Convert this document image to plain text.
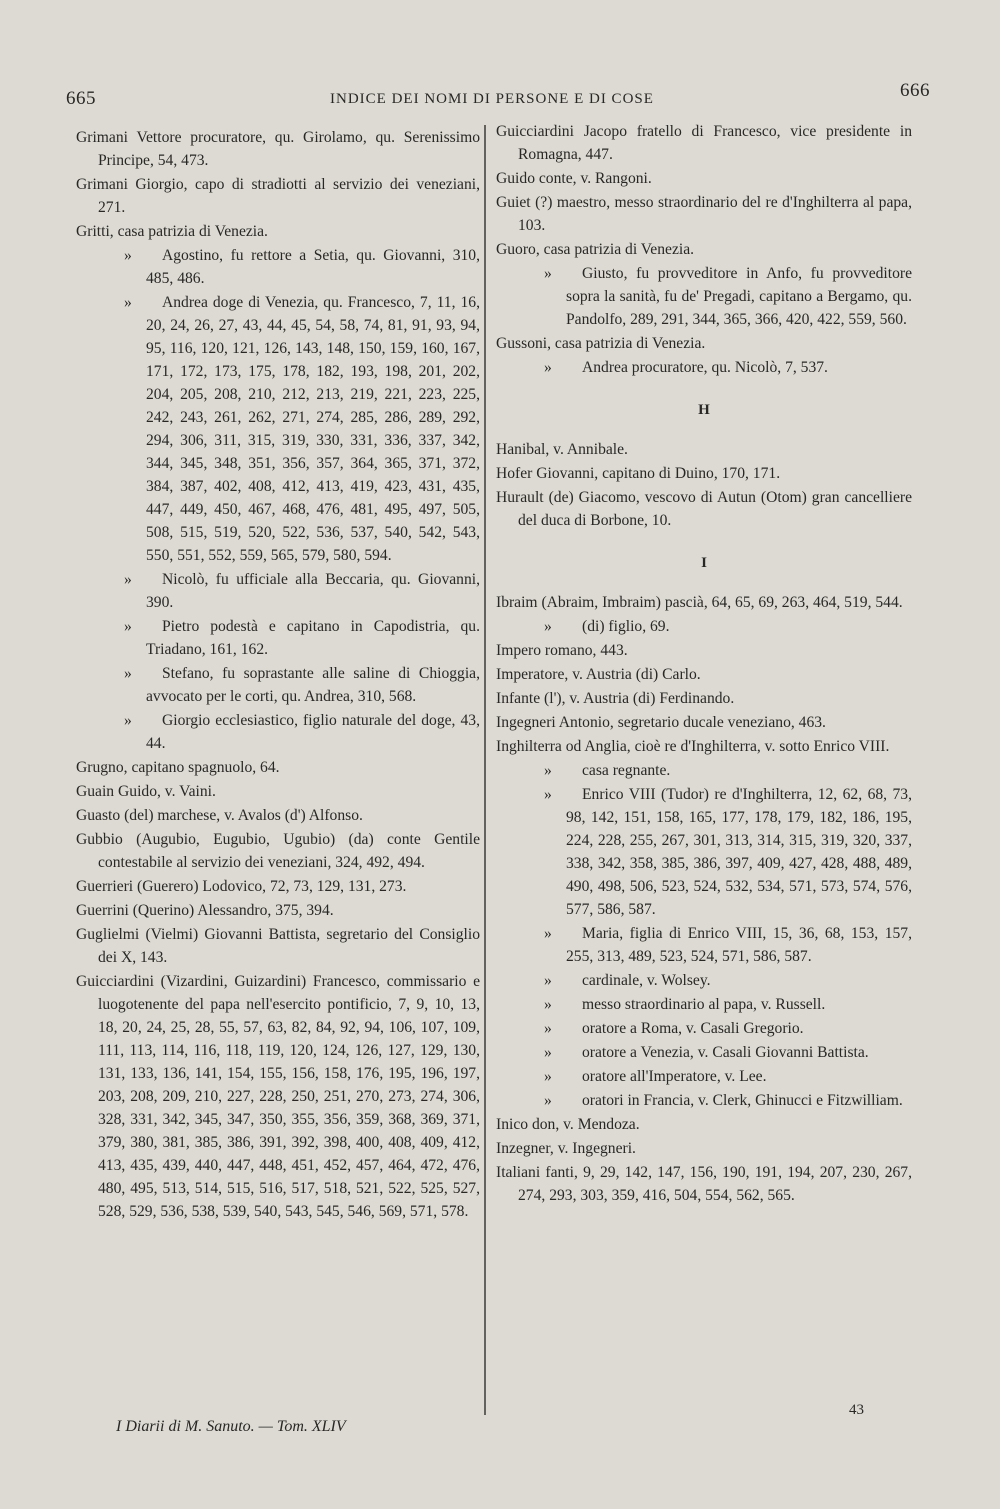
665	INDICE DEI NOMI DI PERSONE E DI COSE	666
Grimani Vettore procuratore, qu. Girolamo, qu. Serenissimo Principe, 54, 473.
Grimani Giorgio, capo di stradiotti al servizio dei veneziani, 271.
Gritti, casa patrizia di Venezia.
» Agostino, fu rettore a Setia, qu. Giovanni, 310, 485, 486.
» Andrea doge di Venezia, qu. Francesco, 7, 11, 16, 20, 24, 26, 27, 43, 44, 45, 54, 58, 74, 81, 91, 93, 94, 95, 116, 120, 121, 126, 143, 148, 150, 159, 160, 167, 171, 172, 173, 175, 178, 182, 193, 198, 201, 202, 204, 205, 208, 210, 212, 213, 219, 221, 223, 225, 242, 243, 261, 262, 271, 274, 285, 286, 289, 292, 294, 306, 311, 315, 319, 330, 331, 336, 337, 342, 344, 345, 348, 351, 356, 357, 364, 365, 371, 372, 384, 387, 402, 408, 412, 413, 419, 423, 431, 435, 447, 449, 450, 467, 468, 476, 481, 495, 497, 505, 508, 515, 519, 520, 522, 536, 537, 540, 542, 543, 550, 551, 552, 559, 565, 579, 580, 594.
» Nicolò, fu ufficiale alla Beccaria, qu. Giovanni, 390.
» Pietro podestà e capitano in Capodistria, qu. Triadano, 161, 162.
» Stefano, fu soprastante alle saline di Chioggia, avvocato per le corti, qu. Andrea, 310, 568.
» Giorgio ecclesiastico, figlio naturale del doge, 43, 44.
Grugno, capitano spagnuolo, 64.
Guain Guido, v. Vaini.
Guasto (del) marchese, v. Avalos (d') Alfonso.
Gubbio (Augubio, Eugubio, Ugubio) (da) conte Gentile contestabile al servizio dei veneziani, 324, 492, 494.
Guerrieri (Guerero) Lodovico, 72, 73, 129, 131, 273.
Guerrini (Querino) Alessandro, 375, 394.
Guglielmi (Vielmi) Giovanni Battista, segretario del Consiglio dei X, 143.
Guicciardini (Vizardini, Guizardini) Francesco, commissario e luogotenente del papa nell'esercito pontificio, 7, 9, 10, 13, 18, 20, 24, 25, 28, 55, 57, 63, 82, 84, 92, 94, 106, 107, 109, 111, 113, 114, 116, 118, 119, 120, 124, 126, 127, 129, 130, 131, 133, 136, 141, 154, 155, 156, 158, 176, 195, 196, 197, 203, 208, 209, 210, 227, 228, 250, 251, 270, 273, 274, 306, 328, 331, 342, 345, 347, 350, 355, 356, 359, 368, 369, 371, 379, 380, 381, 385, 386, 391, 392, 398, 400, 408, 409, 412, 413, 435, 439, 440, 447, 448, 451, 452, 457, 464, 472, 476, 480, 495, 513, 514, 515, 516, 517, 518, 521, 522, 525, 527, 528, 529, 536, 538, 539, 540, 543, 545, 546, 569, 571, 578.
Guicciardini Jacopo fratello di Francesco, vice presidente in Romagna, 447.
Guido conte, v. Rangoni.
Guiet (?) maestro, messo straordinario del re d'Inghilterra al papa, 103.
Guoro, casa patrizia di Venezia.
» Giusto, fu provveditore in Anfo, fu provveditore sopra la sanità, fu de' Pregadi, capitano a Bergamo, qu. Pandolfo, 289, 291, 344, 365, 366, 420, 422, 559, 560.
Gussoni, casa patrizia di Venezia.
» Andrea procuratore, qu. Nicolò, 7, 537.
H
Hanibal, v. Annibale.
Hofer Giovanni, capitano di Duino, 170, 171.
Hurault (de) Giacomo, vescovo di Autun (Otom) gran cancelliere del duca di Borbone, 10.
I
Ibraim (Abraim, Imbraim) pascià, 64, 65, 69, 263, 464, 519, 544.
» (di) figlio, 69.
Impero romano, 443.
Imperatore, v. Austria (di) Carlo.
Infante (l'), v. Austria (di) Ferdinando.
Ingegneri Antonio, segretario ducale veneziano, 463.
Inghilterra od Anglia, cioè re d'Inghilterra, v. sotto Enrico VIII.
» casa regnante.
» Enrico VIII (Tudor) re d'Inghilterra, 12, 62, 68, 73, 98, 142, 151, 158, 165, 177, 178, 179, 182, 186, 195, 224, 228, 255, 267, 301, 313, 314, 315, 319, 320, 337, 338, 342, 358, 385, 386, 397, 409, 427, 428, 488, 489, 490, 498, 506, 523, 524, 532, 534, 571, 573, 574, 576, 577, 586, 587.
» Maria, figlia di Enrico VIII, 15, 36, 68, 153, 157, 255, 313, 489, 523, 524, 571, 586, 587.
» cardinale, v. Wolsey.
» messo straordinario al papa, v. Russell.
» oratore a Roma, v. Casali Gregorio.
» oratore a Venezia, v. Casali Giovanni Battista.
» oratore all'Imperatore, v. Lee.
» oratori in Francia, v. Clerk, Ghinucci e Fitzwilliam.
Inico don, v. Mendoza.
Inzegner, v. Ingegneri.
Italiani fanti, 9, 29, 142, 147, 156, 190, 191, 194, 207, 230, 267, 274, 293, 303, 359, 416, 504, 554, 562, 565.
I Diarii di M. Sanuto. — Tom. XLIV
43
